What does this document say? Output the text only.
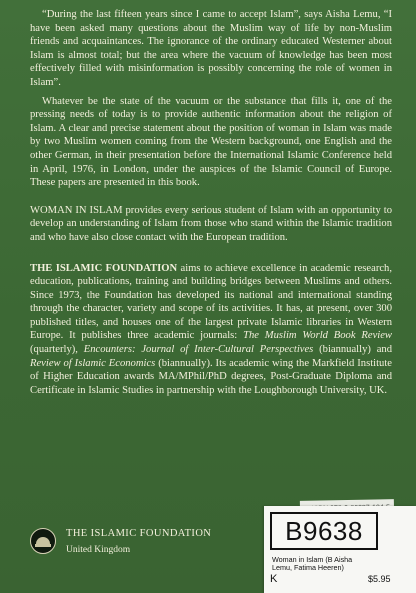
“During the last fifteen years since I came to accept Islam”, says Aisha Lemu, “I have been asked many questions about the Muslim way of life by non-Muslim friends and acquaintances. The ignorance of the ordinary educated Westerner about Islam is almost total; but the area where the vacuum of knowledge has been most effectively filled with misinformation is possibly concerning the role of women in Islam”.

Whatever be the state of the vacuum or the substance that fills it, one of the pressing needs of today is to provide authentic information about the religion of Islam. A clear and precise statement about the position of woman in Islam was made by two Muslim women coming from the Western background, one English and the other German, in their presentation before the International Islamic Conference held in April, 1976, in London, under the auspices of the Islamic Council of Europe. These papers are presented in this book.

WOMAN IN ISLAM provides every serious student of Islam with an opportunity to develop an understanding of Islam from those who stand within the Islamic tradition and who have also close contact with the European tradition.

THE ISLAMIC FOUNDATION aims to achieve excellence in academic research, education, publications, training and building bridges between Muslims and others. Since 1973, the Foundation has developed its national and international standing through the character, variety and scope of its activities. It has, at present, over 300 published titles, and houses one of the largest private Islamic libraries in Western Europe. It publishes three academic journals: The Muslim World Book Review (quarterly), Encounters: Journal of Inter-Cultural Perspectives (biannually) and Review of Islamic Economics (biannually). Its academic wing the Markfield Institute of Higher Education awards MA/MPhil/PhD degrees, Post-Graduate Diploma and Certificate in Islamic Studies in partnership with the Loughborough University, UK.

THE ISLAMIC FOUNDATION
United Kingdom
B9638
Woman in Islam (B Aisha
Lemu, Fatima Heeren)
K	$5.95
